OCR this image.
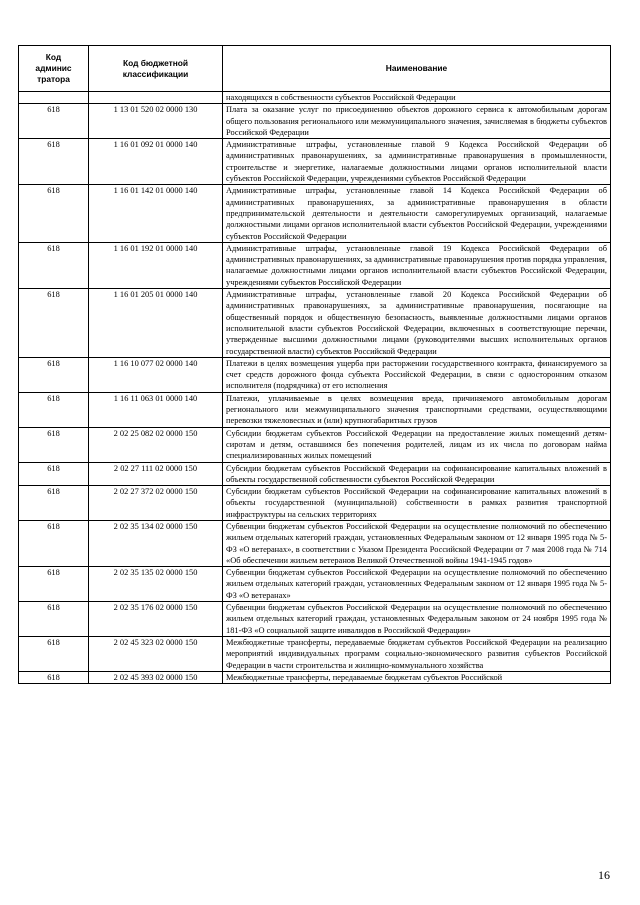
Код
админис
тратора	Код бюджетной
классификации	Наименование
		находящихся в собственности субъектов Российской Федерации
618	1 13 01 520 02 0000 130	Плата за оказание услуг по присоединению объектов дорожного сервиса к автомобильным дорогам общего пользования регионального или межмуниципального значения, зачисляемая в бюджеты субъектов Российской Федерации
618	1 16 01 092 01 0000 140	Административные штрафы, установленные главой 9 Кодекса Российской Федерации об административных правонарушениях, за административные правонарушения в промышленности, строительстве и энергетике, налагаемые должностными лицами органов исполнительной власти субъектов Российской Федерации, учреждениями субъектов Российской Федерации
618	1 16 01 142 01 0000 140	Административные штрафы, установленные главой 14 Кодекса Российской Федерации об административных правонарушениях, за административные правонарушения в области предпринимательской деятельности и деятельности саморегулируемых организаций, налагаемые должностными лицами органов исполнительной власти субъектов Российской Федерации, учреждениями субъектов Российской Федерации
618	1 16 01 192 01 0000 140	Административные штрафы, установленные главой 19 Кодекса Российской Федерации об административных правонарушениях, за административные правонарушения против порядка управления, налагаемые должностными лицами органов исполнительной власти субъектов Российской Федерации, учреждениями субъектов Российской Федерации
618	1 16 01 205 01 0000 140	Административные штрафы, установленные главой 20 Кодекса Российской Федерации об административных правонарушениях, за административные правонарушения, посягающие на общественный порядок и общественную безопасность, выявленные должностными лицами органов исполнительной власти субъектов Российской Федерации, включенных в соответствующие перечни, утвержденные высшими должностными лицами (руководителями высших исполнительных органов государственной власти) субъектов Российской Федерации
618	1 16 10 077 02 0000 140	Платежи в целях возмещения ущерба при расторжении государственного контракта, финансируемого за счет средств дорожного фонда субъекта Российской Федерации, в связи с односторонним отказом исполнителя (подрядчика) от его исполнения
618	1 16 11 063 01 0000 140	Платежи, уплачиваемые в целях возмещения вреда, причиняемого автомобильным дорогам регионального или межмуниципального значения транспортными средствами, осуществляющими перевозки тяжеловесных и (или) крупногабаритных грузов
618	2 02 25 082 02 0000 150	Субсидии бюджетам субъектов Российской Федерации на предоставление жилых помещений детям-сиротам и детям, оставшимся без попечения родителей, лицам из их числа по договорам найма специализированных жилых помещений
618	2 02 27 111 02 0000 150	Субсидии бюджетам субъектов Российской Федерации на софинансирование капитальных вложений в объекты государственной собственности субъектов Российской Федерации
618	2 02 27 372 02 0000 150	Субсидии бюджетам субъектов Российской Федерации на софинансирование капитальных вложений в объекты государственной (муниципальной) собственности в рамках развития транспортной инфраструктуры на сельских территориях
618	2 02 35 134 02 0000 150	Субвенции бюджетам субъектов Российской Федерации на осуществление полномочий по обеспечению жильем отдельных категорий граждан, установленных Федеральным законом от 12 января 1995 года № 5-ФЗ «О ветеранах», в соответствии с Указом Президента Российской Федерации от 7 мая 2008 года № 714 «Об обеспечении жильем ветеранов Великой Отечественной войны 1941-1945 годов»
618	2 02 35 135 02 0000 150	Субвенции бюджетам субъектов Российской Федерации на осуществление полномочий по обеспечению жильем отдельных категорий граждан, установленных Федеральным законом от 12 января 1995 года № 5-ФЗ «О ветеранах»
618	2 02 35 176 02 0000 150	Субвенции бюджетам субъектов Российской Федерации на осуществление полномочий по обеспечению жильем отдельных категорий граждан, установленных Федеральным законом от 24 ноября 1995 года № 181-ФЗ «О социальной защите инвалидов в Российской Федерации»
618	2 02 45 323 02 0000 150	Межбюджетные трансферты, передаваемые бюджетам субъектов Российской Федерации на реализацию мероприятий индивидуальных программ социально-экономического развития субъектов Российской Федерации в части строительства и жилищно-коммунального хозяйства
618	2 02 45 393 02 0000 150	Межбюджетные трансферты, передаваемые бюджетам субъектов Российской
16
